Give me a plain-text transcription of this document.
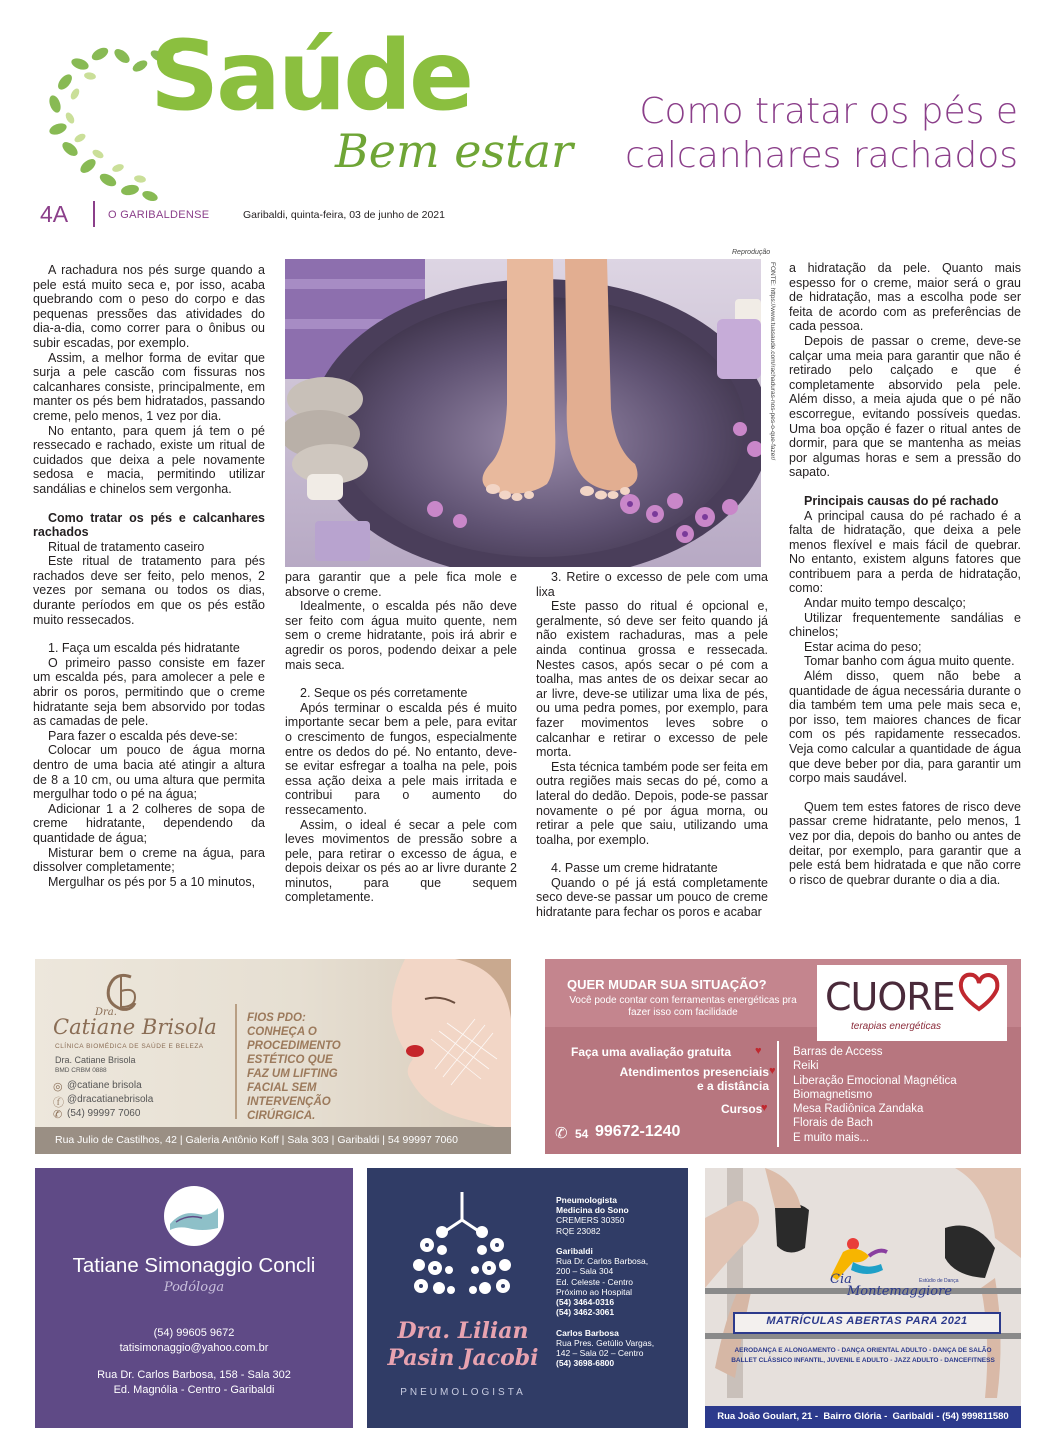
Saúde
Bem estar
Como tratar os pés e calcanhares rachados
4A	O GARIBALDENSE	Garibaldi, quinta-feira, 03 de junho de 2021
Reprodução
FONTE: https://www.tuasaude.com/rachaduras-nos-pes-o-que-fazer/

A rachadura nos pés surge quando a pele está muito seca e, por isso, acaba quebrando com o peso do corpo e das pequenas pressões das atividades do dia-a-dia, como correr para o ônibus ou subir escadas, por exemplo.

Assim, a melhor forma de evitar que surja a pele cascão com fissuras nos calcanhares consiste, principalmente, em manter os pés bem hidratados, passando creme, pelo menos, 1 vez por dia.

No entanto, para quem já tem o pé ressecado e rachado, existe um ritual de cuidados que deixa a pele novamente sedosa e macia, permitindo utilizar sandálias e chinelos sem vergonha.

Como tratar os pés e calcanhares rachados

Ritual de tratamento caseiro

Este ritual de tratamento para pés rachados deve ser feito, pelo menos, 2 vezes por semana ou todos os dias, durante períodos em que os pés estão muito ressecados.

1. Faça um escalda pés hidratante

O primeiro passo consiste em fazer um escalda pés, para amolecer a pele e abrir os poros, permitindo que o creme hidratante seja bem absorvido por todas as camadas de pele.

Para fazer o escalda pés deve-se:

Colocar um pouco de água morna dentro de uma bacia até atingir a altura de 8 a 10 cm, ou uma altura que permita mergulhar todo o pé na água;

Adicionar 1 a 2 colheres de sopa de creme hidratante, dependendo da quantidade de água;

Misturar bem o creme na água, para dissolver completamente;

Mergulhar os pés por 5 a 10 minutos,

para garantir que a pele fica mole e absorve o creme.

Idealmente, o escalda pés não deve ser feito com água muito quente, nem sem o creme hidratante, pois irá abrir e agredir os poros, podendo deixar a pele mais seca.

2. Seque os pés corretamente

Após terminar o escalda pés é muito importante secar bem a pele, para evitar o crescimento de fungos, especialmente entre os dedos do pé. No entanto, deve-se evitar esfregar a toalha na pele, pois essa ação deixa a pele mais irritada e contribui para o aumento do ressecamento.

Assim, o ideal é secar a pele com leves movimentos de pressão sobre a pele, para retirar o excesso de água, e depois deixar os pés ao ar livre durante 2 minutos, para que sequem completamente.

3. Retire o excesso de pele com uma lixa

Este passo do ritual é opcional e, geralmente, só deve ser feito quando já não existem rachaduras, mas a pele ainda continua grossa e ressecada. Nestes casos, após secar o pé com a toalha, mas antes de os deixar secar ao ar livre, deve-se utilizar uma lixa de pés, ou uma pedra pomes, por exemplo, para fazer movimentos leves sobre o calcanhar e retirar o excesso de pele morta.

Esta técnica também pode ser feita em outra regiões mais secas do pé, como a lateral do dedão. Depois, pode-se passar novamente o pé por água morna, ou retirar a pele que saiu, utilizando uma toalha, por exemplo.

4. Passe um creme hidratante

Quando o pé já está completamente seco deve-se passar um pouco de creme hidratante para fechar os poros e acabar

a hidratação da pele. Quanto mais espesso for o creme, maior será o grau de hidratação, mas a escolha pode ser feita de acordo com as preferências de cada pessoa.

Depois de passar o creme, deve-se calçar uma meia para garantir que não é retirado pelo calçado e que é completamente absorvido pela pele. Além disso, a meia ajuda que o pé não escorregue, evitando possíveis quedas. Uma boa opção é fazer o ritual antes de dormir, para que se mantenha as meias por algumas horas e sem a pressão do sapato.

Principais causas do pé rachado

A principal causa do pé rachado é a falta de hidratação, que deixa a pele menos flexível e mais fácil de quebrar. No entanto, existem alguns fatores que contribuem para a perda de hidratação, como:

Andar muito tempo descalço;

Utilizar frequentemente sandálias e chinelos;

Estar acima do peso;

Tomar banho com água muito quente.

Além disso, quem não bebe a quantidade de água necessária durante o dia também tem uma pele mais seca e, por isso, tem maiores chances de ficar com os pés rapidamente ressecados. Veja como calcular a quantidade de água que deve beber por dia, para garantir um corpo mais saudável.

Quem tem estes fatores de risco deve passar creme hidratante, pelo menos, 1 vez por dia, depois do banho ou antes de deitar, por exemplo, para garantir que a pele está bem hidratada e que não corre o risco de quebrar durante o dia a dia.

Dra.
Catiane Brisola
CLÍNICA BIOMÉDICA DE SAÚDE E BELEZA
Dra. Catiane Brisola
BMD CRBM 0888
◎ @catiane brisola
ⓕ @dracatianebrisola
✆ (54) 99997 7060
FIOS PDO:
CONHEÇA O
PROCEDIMENTO
ESTÉTICO QUE
FAZ UM LIFTING
FACIAL SEM
INTERVENÇÃO
CIRÚRGICA.
Rua Julio de Castilhos, 42 | Galeria Antônio Koff | Sala 303 | Garibaldi | 54 99997 7060
QUER MUDAR SUA SITUAÇÃO?
Você pode contar com ferramentas energéticas pra fazer isso com facilidade	CUORE
terapias energéticas
Faça uma avaliação gratuita ♥
Atendimentos presenciais
e a distância
♥
Cursos
♥
Barras de Access
Reiki
Liberação Emocional Magnética
Biomagnetismo
Mesa Radiônica Zandaka
Florais de Bach
E muito mais...
✆ 54 99672-1240
Tatiane Simonaggio Concli
Podóloga
(54) 99605 9672
tatisimonaggio@yahoo.com.br
Rua Dr. Carlos Barbosa, 158 - Sala 302
Ed. Magnólia - Centro - Garibaldi
Dra. Lilian
Pasin Jacobi
PNEUMOLOGISTA
Pneumologista
Medicina do Sono
CREMERS 30350
RQE 23082

Garibaldi
Rua Dr. Carlos Barbosa,
200 – Sala 304
Ed. Celeste - Centro
Próximo ao Hospital
(54) 3464-0316
(54) 3462-3061

Carlos Barbosa
Rua Pres. Getúlio Vargas,
142 – Sala 02 – Centro
(54) 3698-6800
Cia	Estúdio de Dança
Montemaggiore
MATRÍCULAS ABERTAS PARA 2021
AERODANÇA E ALONGAMENTO - DANÇA ORIENTAL ADULTO - DANÇA DE SALÃO
BALLET CLÁSSICO INFANTIL, JUVENIL E ADULTO - JAZZ ADULTO - DANCEFITNESS
Rua João Goulart, 21 -  Bairro Glória -  Garibaldi - (54) 999811580
